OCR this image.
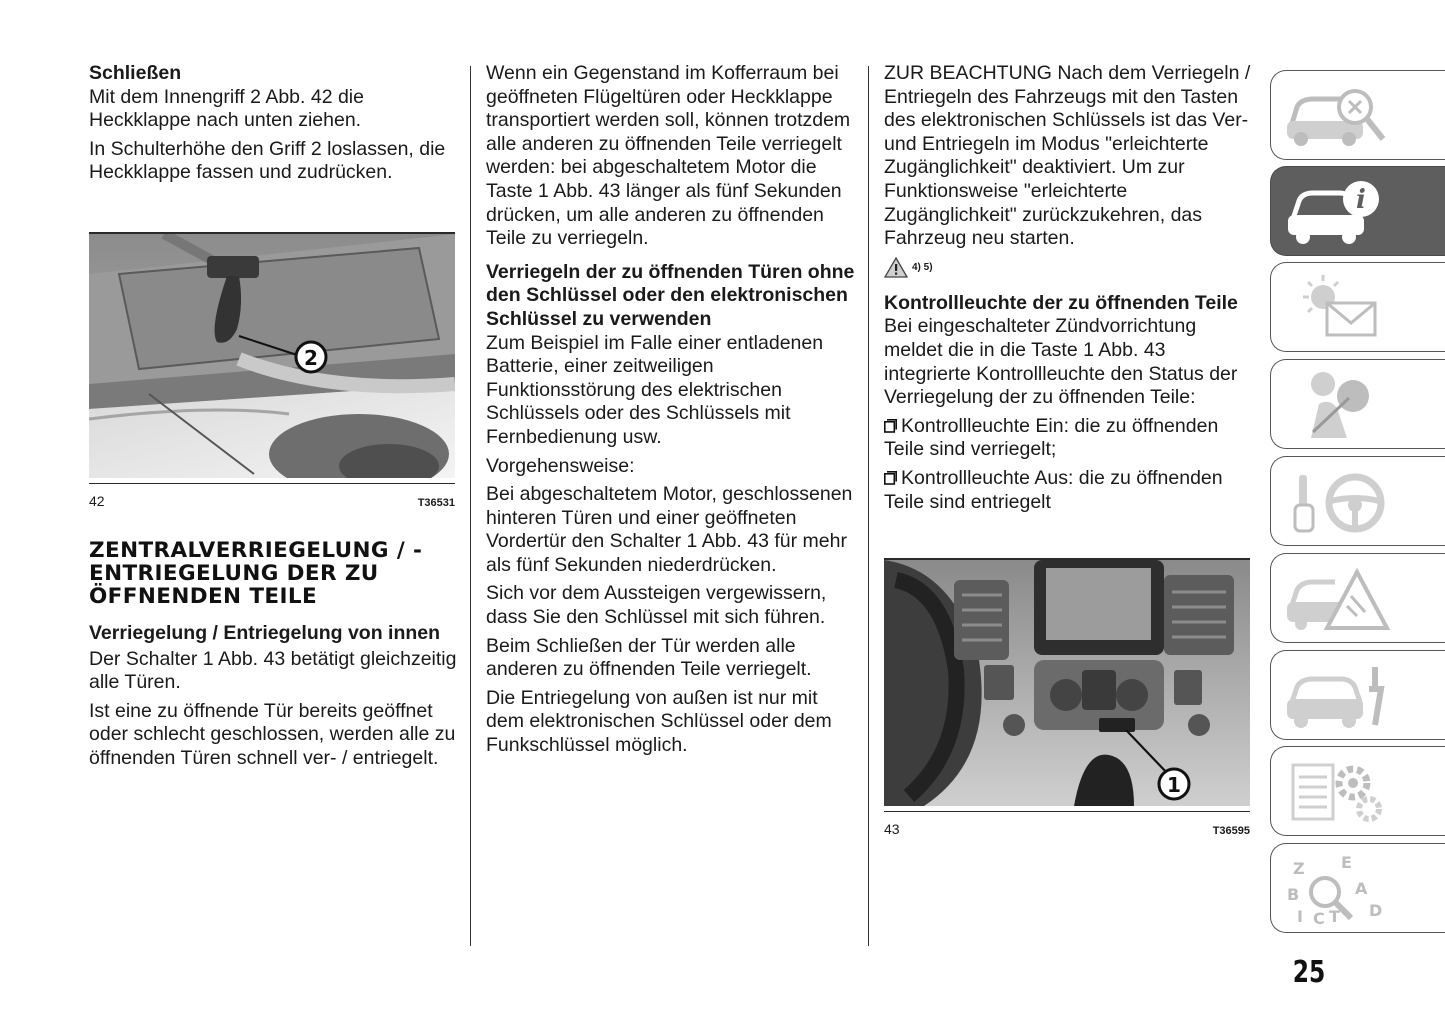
Schließen

Mit dem Innengriff 2 Abb. 42 die Heckklappe nach unten ziehen.

In Schulterhöhe den Griff 2 loslassen, die Heckklappe fassen und zudrücken.

2
42	T36531
ZENTRALVERRIEGELUNG / -ENTRIEGELUNG DER ZU ÖFFNENDEN TEILE
Verriegelung / Entriegelung von innen

Der Schalter 1 Abb. 43 betätigt gleichzeitig alle Türen.

Ist eine zu öffnende Tür bereits geöffnet oder schlecht geschlossen, werden alle zu öffnenden Türen schnell ver- / entriegelt.

Wenn ein Gegenstand im Kofferraum bei geöffneten Flügeltüren oder Heckklappe transportiert werden soll, können trotzdem alle anderen zu öffnenden Teile verriegelt werden: bei abgeschaltetem Motor die Taste 1 Abb. 43 länger als fünf Sekunden drücken, um alle anderen zu öffnenden Teile zu verriegeln.

Verriegeln der zu öffnenden Türen ohne den Schlüssel oder den elektronischen Schlüssel zu verwenden

Zum Beispiel im Falle einer entladenen Batterie, einer zeitweiligen Funktionsstörung des elektrischen Schlüssels oder des Schlüssels mit Fernbedienung usw.

Vorgehensweise:

Bei abgeschaltetem Motor, geschlossenen hinteren Türen und einer geöffneten Vordertür den Schalter 1 Abb. 43 für mehr als fünf Sekunden niederdrücken.

Sich vor dem Aussteigen vergewissern, dass Sie den Schlüssel mit sich führen.

Beim Schließen der Tür werden alle anderen zu öffnenden Teile verriegelt.

Die Entriegelung von außen ist nur mit dem elektronischen Schlüssel oder dem Funkschlüssel möglich.

ZUR BEACHTUNG Nach dem Verriegeln / Entriegeln des Fahrzeugs mit den Tasten des elektronischen Schlüssels ist das Ver- und Entriegeln im Modus "erleichterte Zugänglichkeit" deaktiviert. Um zur Funktionsweise "erleichterte Zugänglichkeit" zurückzukehren, das Fahrzeug neu starten.

4) 5)
Kontrollleuchte der zu öffnenden Teile

Bei eingeschalteter Zündvorrichtung meldet die in die Taste 1 Abb. 43 integrierte Kontrollleuchte den Status der Verriegelung der zu öffnenden Teile:

Kontrollleuchte Ein: die zu öffnenden Teile sind verriegelt;

Kontrollleuchte Aus: die zu öffnenden Teile sind entriegelt

1
43	T36595
i
Z E
B	A
I C T D
25
